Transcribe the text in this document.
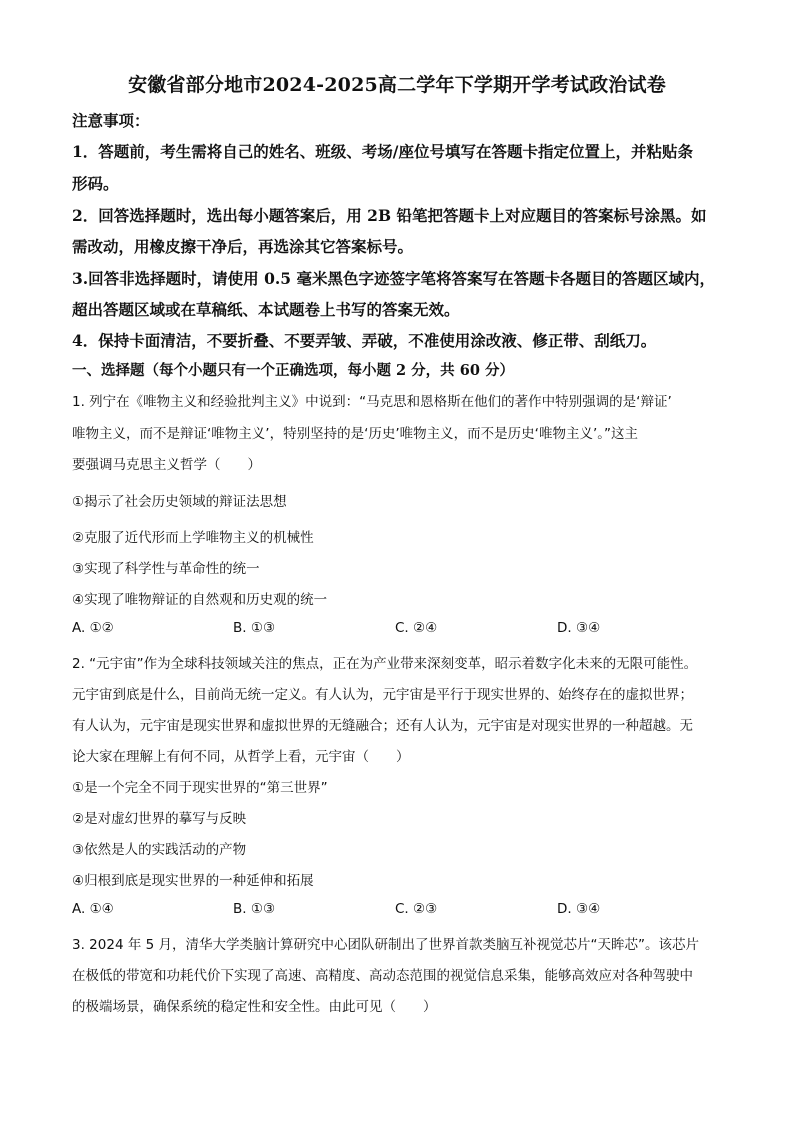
安徽省部分地市2024-2025高二学年下学期开学考试政治试卷
注意事项：
1．答题前，考生需将自己的姓名、班级、考场/座位号填写在答题卡指定位置上，并粘贴条
形码。
2．回答选择题时，选出每小题答案后，用 2B 铅笔把答题卡上对应题目的答案标号涂黑。如
需改动，用橡皮擦干净后，再选涂其它答案标号。
3.回答非选择题时，请使用 0.5 毫米黑色字迹签字笔将答案写在答题卡各题目的答题区域内，
超出答题区域或在草稿纸、本试题卷上书写的答案无效。
4．保持卡面清洁，不要折叠、不要弄皱、弄破，不准使用涂改液、修正带、刮纸刀。
一、选择题（每个小题只有一个正确选项，每小题 2 分，共 60 分）
1. 列宁在《唯物主义和经验批判主义》中说到：“马克思和恩格斯在他们的著作中特别强调的是‘辩证’
唯物主义，而不是辩证‘唯物主义’，特别坚持的是‘历史’唯物主义，而不是历史‘唯物主义’。”这主
要强调马克思主义哲学（　　）
①揭示了社会历史领域的辩证法思想
②克服了近代形而上学唯物主义的机械性
③实现了科学性与革命性的统一
④实现了唯物辩证的自然观和历史观的统一
A. ①②	B. ①③	C. ②④	D. ③④
2. “元宇宙”作为全球科技领域关注的焦点，正在为产业带来深刻变革，昭示着数字化未来的无限可能性。
元宇宙到底是什么，目前尚无统一定义。有人认为，元宇宙是平行于现实世界的、始终存在的虚拟世界；
有人认为，元宇宙是现实世界和虚拟世界的无缝融合；还有人认为，元宇宙是对现实世界的一种超越。无
论大家在理解上有何不同，从哲学上看，元宇宙（　　）
①是一个完全不同于现实世界的“第三世界”
②是对虚幻世界的摹写与反映
③依然是人的实践活动的产物
④归根到底是现实世界的一种延伸和拓展
A. ①④	B. ①③	C. ②③	D. ③④
3. 2024 年 5 月，清华大学类脑计算研究中心团队研制出了世界首款类脑互补视觉芯片“天眸芯”。该芯片
在极低的带宽和功耗代价下实现了高速、高精度、高动态范围的视觉信息采集，能够高效应对各种驾驶中
的极端场景，确保系统的稳定性和安全性。由此可见（　　）
